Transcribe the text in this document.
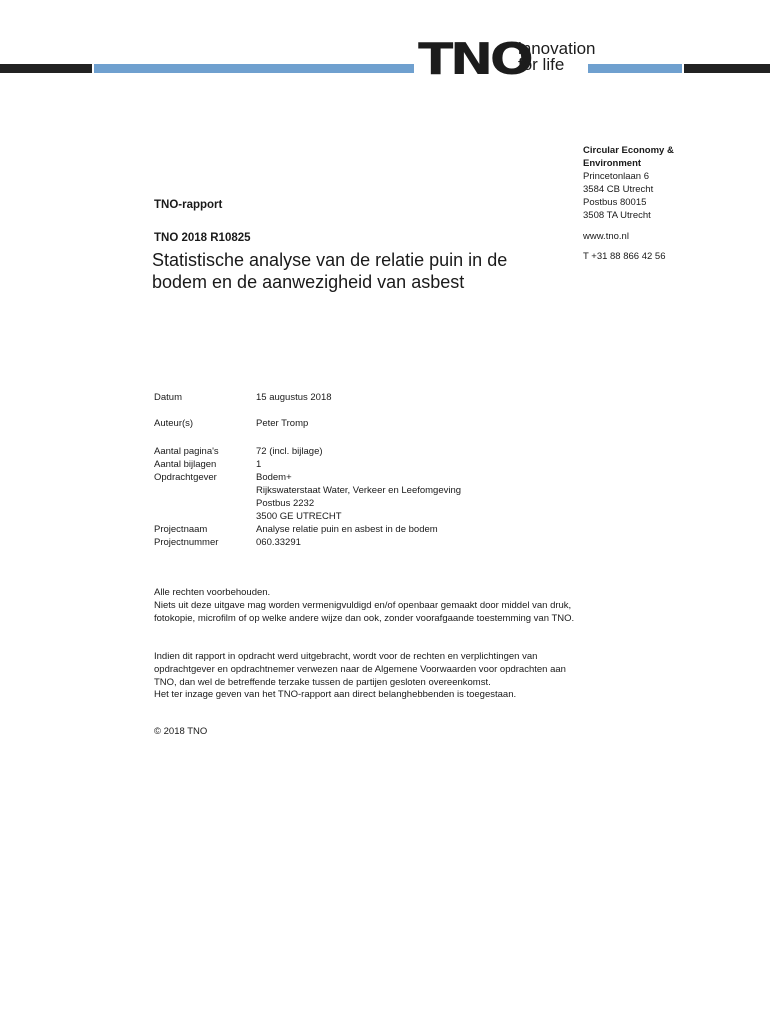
TNO
innovation
for life
Circular Economy &
Environment
Princetonlaan 6
3584 CB Utrecht
Postbus 80015
3508 TA Utrecht
www.tno.nl
T +31 88 866 42 56
TNO-rapport
TNO 2018 R10825
Statistische analyse van de relatie puin in de bodem en de aanwezigheid van asbest
Datum	15 augustus 2018
Auteur(s)	Peter Tromp
Aantal pagina's	72 (incl. bijlage)
Aantal bijlagen	1
Opdrachtgever	Bodem+
Rijkswaterstaat Water, Verkeer en Leefomgeving
Postbus 2232
3500 GE UTRECHT
Projectnaam	Analyse relatie puin en asbest in de bodem
Projectnummer	060.33291
Alle rechten voorbehouden.
Niets uit deze uitgave mag worden vermenigvuldigd en/of openbaar gemaakt door middel van druk, fotokopie, microfilm of op welke andere wijze dan ook, zonder voorafgaande toestemming van TNO.
Indien dit rapport in opdracht werd uitgebracht, wordt voor de rechten en verplichtingen van opdrachtgever en opdrachtnemer verwezen naar de Algemene Voorwaarden voor opdrachten aan TNO, dan wel de betreffende terzake tussen de partijen gesloten overeenkomst.
Het ter inzage geven van het TNO-rapport aan direct belanghebbenden is toegestaan.
© 2018 TNO
